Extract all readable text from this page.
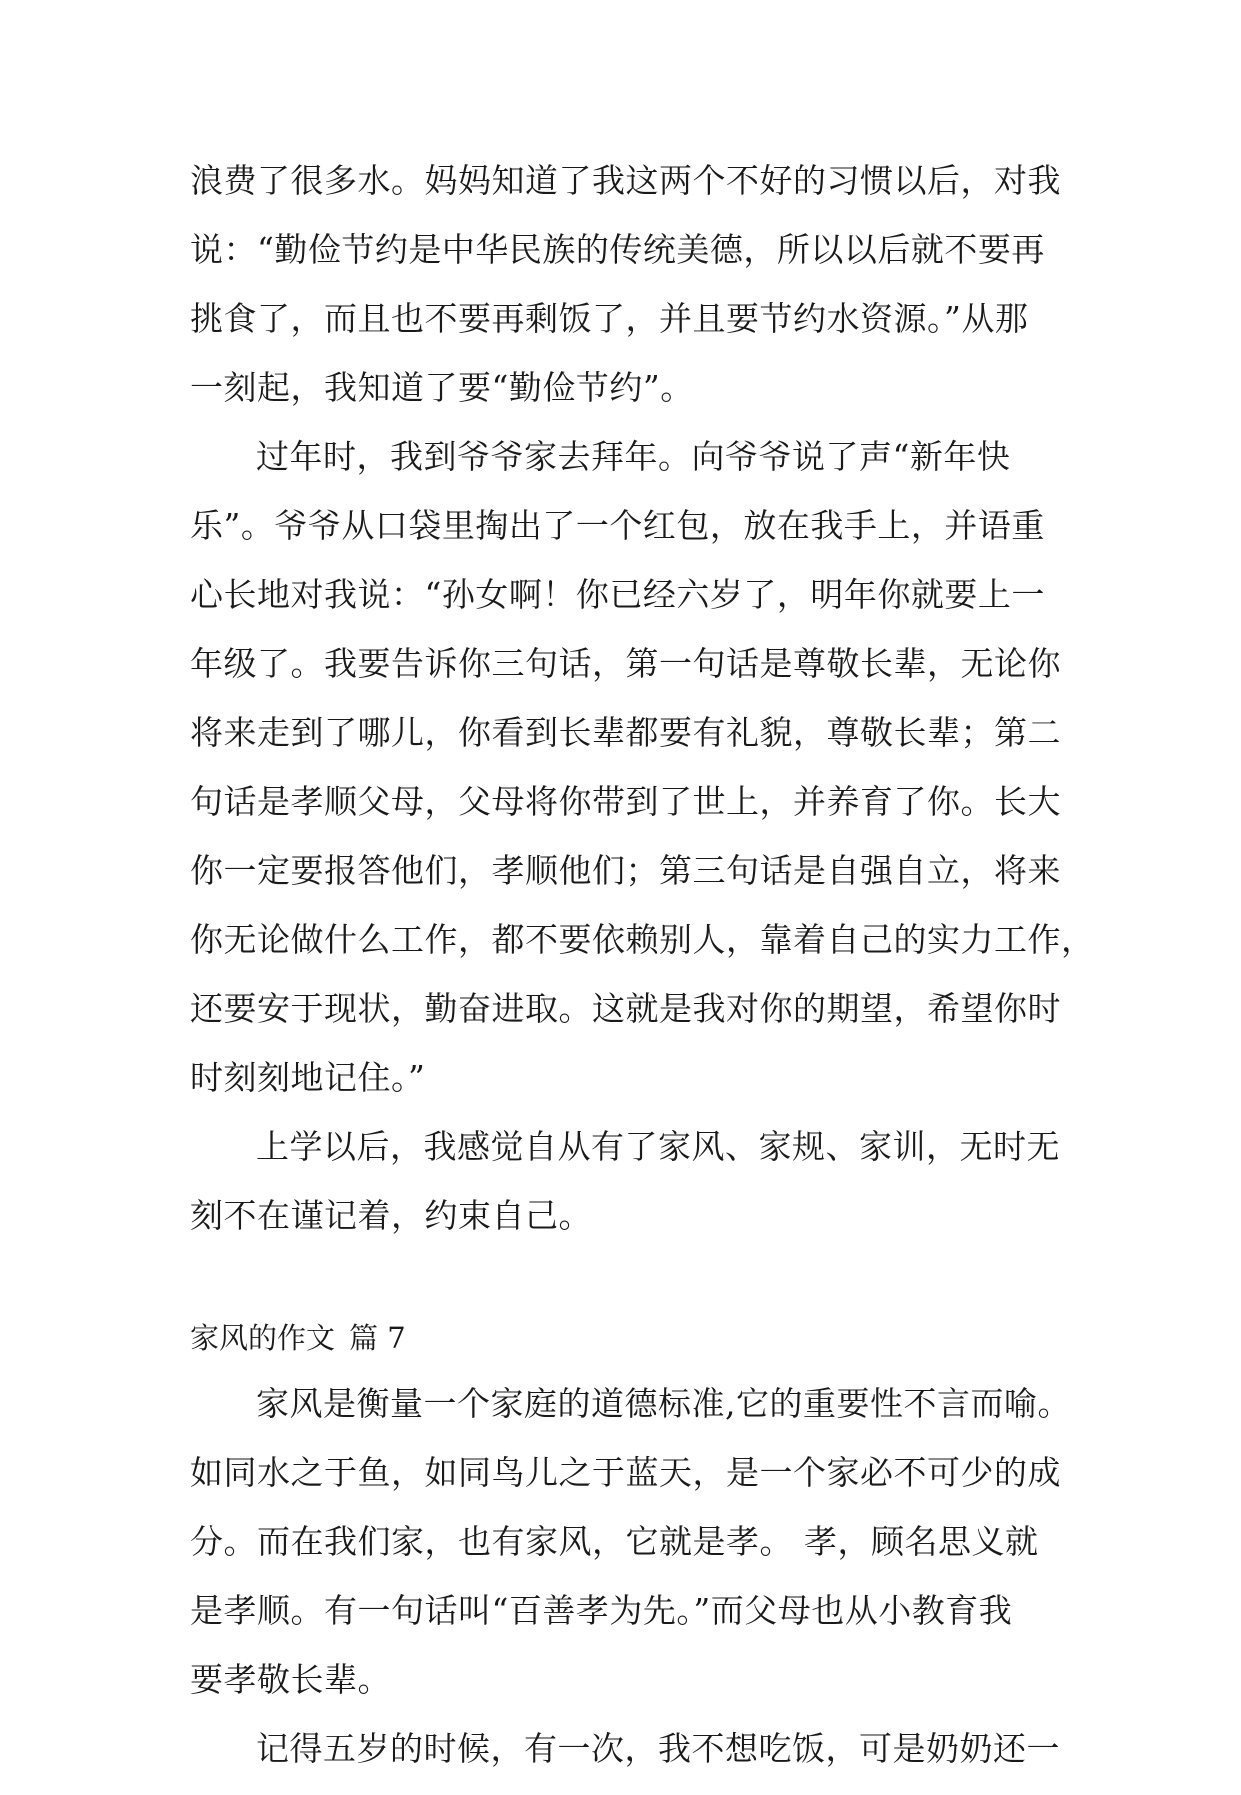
浪费了很多水。妈妈知道了我这两个不好的习惯以后，对我
说：“勤俭节约是中华民族的传统美德，所以以后就不要再
挑食了，而且也不要再剩饭了，并且要节约水资源。”从那
一刻起，我知道了要“勤俭节约”。
过年时，我到爷爷家去拜年。向爷爷说了声“新年快
乐”。爷爷从口袋里掏出了一个红包，放在我手上，并语重
心长地对我说：“孙女啊！你已经六岁了，明年你就要上一
年级了。我要告诉你三句话，第一句话是尊敬长辈，无论你
将来走到了哪儿，你看到长辈都要有礼貌，尊敬长辈；第二
句话是孝顺父母，父母将你带到了世上，并养育了你。长大
你一定要报答他们，孝顺他们；第三句话是自强自立，将来
你无论做什么工作，都不要依赖别人，靠着自己的实力工作，
还要安于现状，勤奋进取。这就是我对你的期望，希望你时
时刻刻地记住。”
上学以后，我感觉自从有了家风、家规、家训，无时无
刻不在谨记着，约束自己。
家风的作文 篇 7
家风是衡量一个家庭的道德标准,它的重要性不言而喻。
如同水之于鱼，如同鸟儿之于蓝天，是一个家必不可少的成
分。而在我们家，也有家风，它就是孝。 孝，顾名思义就
是孝顺。有一句话叫“百善孝为先。”而父母也从小教育我
要孝敬长辈。
记得五岁的时候，有一次，我不想吃饭，可是奶奶还一
